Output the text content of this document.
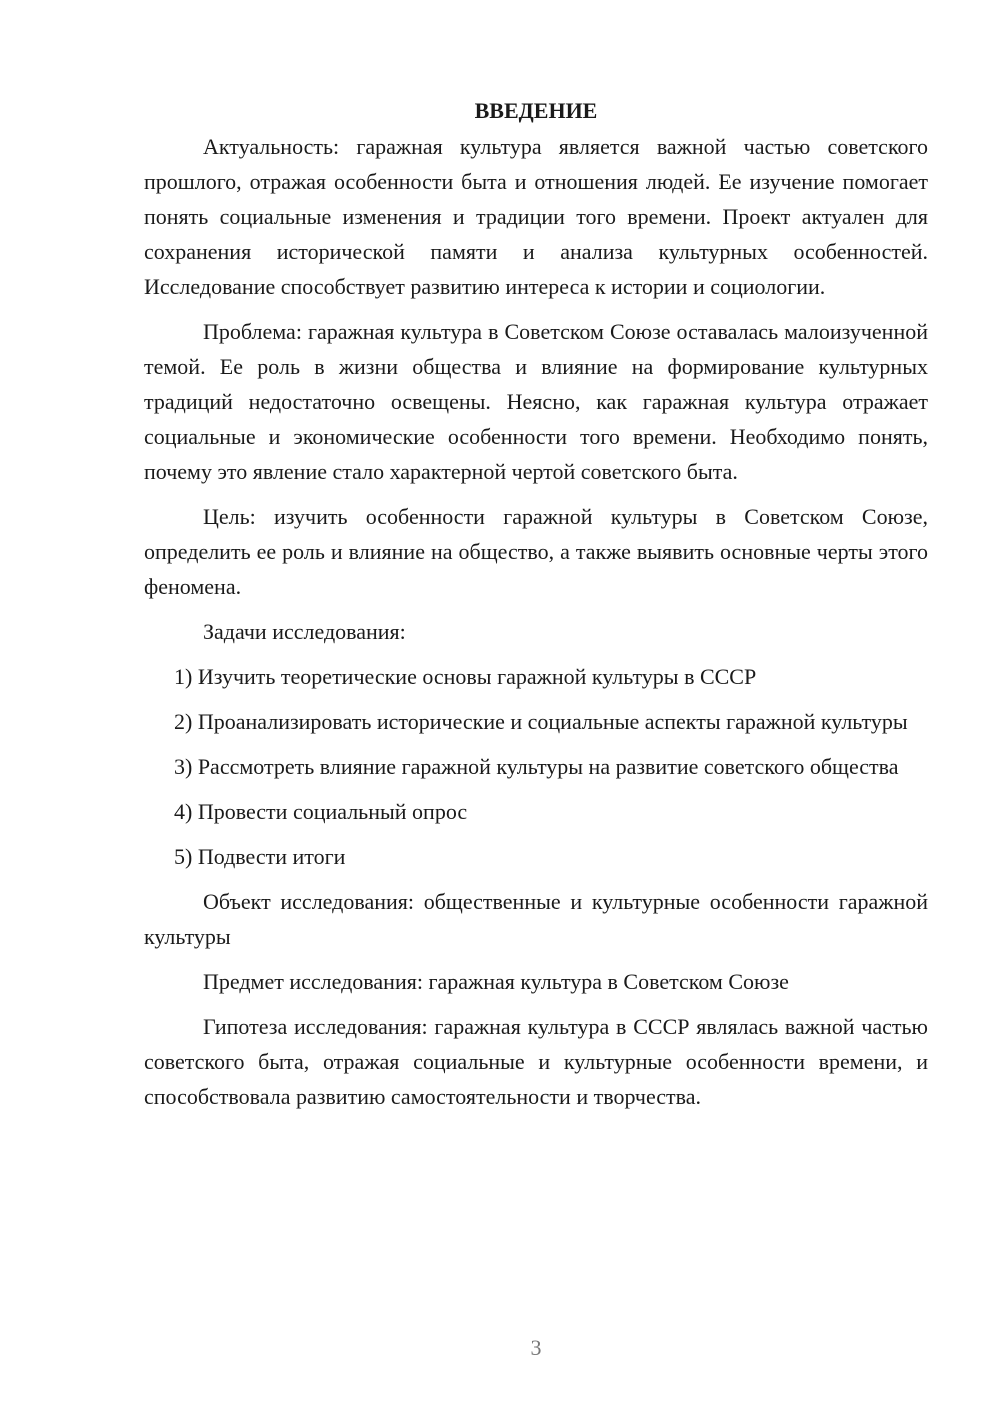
ВВЕДЕНИЕ

Актуальность: гаражная культура является важной частью советского прошлого, отражая особенности быта и отношения людей. Ее изучение помогает понять социальные изменения и традиции того времени. Проект актуален для сохранения исторической памяти и анализа культурных особенностей. Исследование способствует развитию интереса к истории и социологии.

Проблема: гаражная культура в Советском Союзе оставалась малоизученной темой. Ее роль в жизни общества и влияние на формирование культурных традиций недостаточно освещены. Неясно, как гаражная культура отражает социальные и экономические особенности того времени. Необходимо понять, почему это явление стало характерной чертой советского быта.

Цель: изучить особенности гаражной культуры в Советском Союзе, определить ее роль и влияние на общество, а также выявить основные черты этого феномена.

Задачи исследования:

1) Изучить теоретические основы гаражной культуры в СССР

2) Проанализировать исторические и социальные аспекты гаражной культуры

3) Рассмотреть влияние гаражной культуры на развитие советского общества

4) Провести социальный опрос

5) Подвести итоги

Объект исследования: общественные и культурные особенности гаражной культуры

Предмет исследования: гаражная культура в Советском Союзе

Гипотеза исследования: гаражная культура в СССР являлась важной частью советского быта, отражая социальные и культурные особенности времени, и способствовала развитию самостоятельности и творчества.

3
